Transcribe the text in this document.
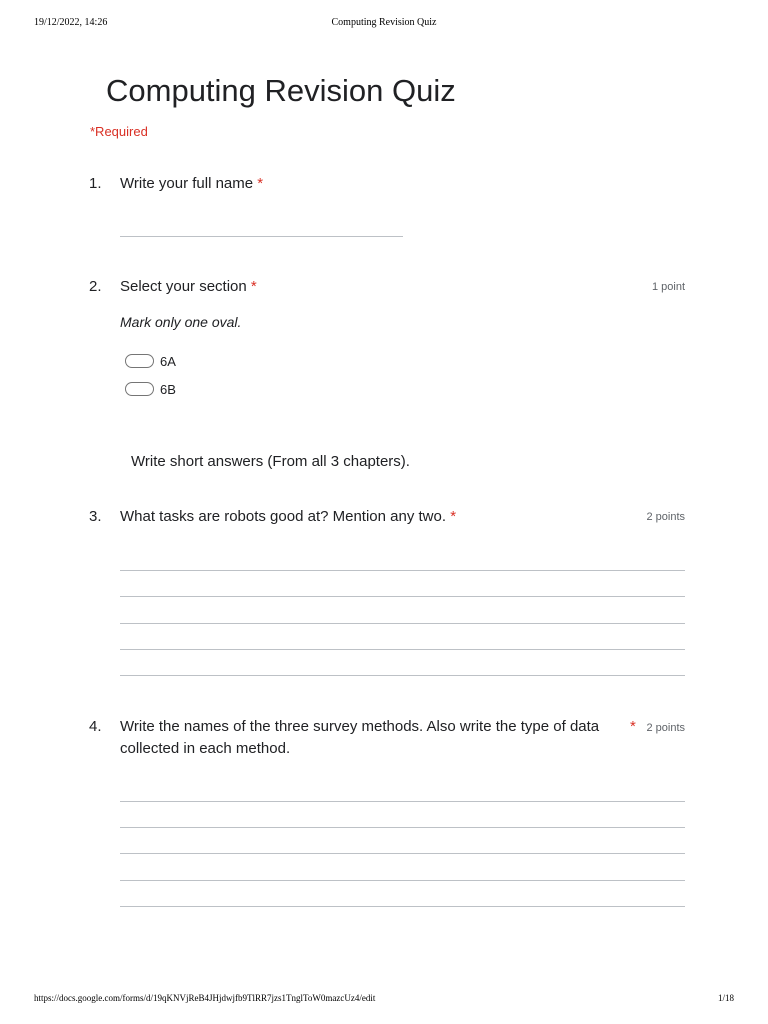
19/12/2022, 14:26	Computing Revision Quiz
Computing Revision Quiz
*Required
1. Write your full name *
2. Select your section *	1 point
Mark only one oval.
6A
6B
Write short answers (From all 3 chapters).
3. What tasks are robots good at? Mention any two. *	2 points
4. Write the names of the three survey methods. Also write the type of data
collected in each method.
* 2 points
https://docs.google.com/forms/d/19qKNVjReB4JHjdwjfb9TlRR7jzs1TnglToW0mazcUz4/edit	1/18
